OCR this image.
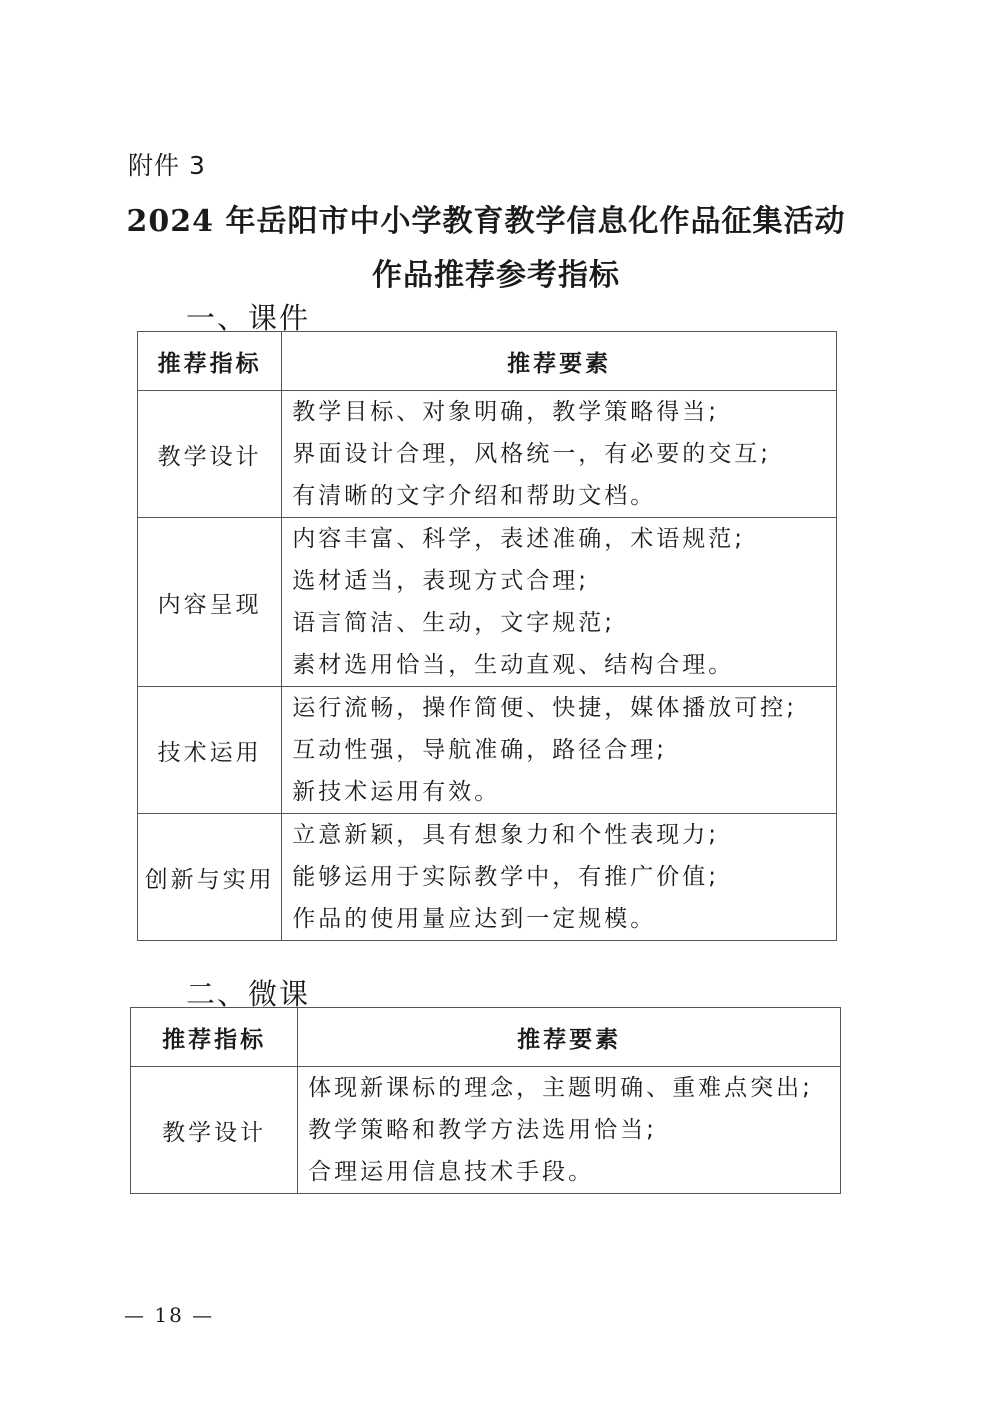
附件 3
2024 年岳阳市中小学教育教学信息化作品征集活动
作品推荐参考指标
一、课件
推荐指标	推荐要素
教学设计	教学目标、对象明确，教学策略得当;
界面设计合理，风格统一，有必要的交互;
有清晰的文字介绍和帮助文档。

内容呈现	内容丰富、科学，表述准确，术语规范;
选材适当，表现方式合理;
语言简洁、生动，文字规范;
素材选用恰当，生动直观、结构合理。

技术运用	运行流畅，操作简便、快捷，媒体播放可控;
互动性强，导航准确，路径合理;
新技术运用有效。

创新与实用	立意新颖，具有想象力和个性表现力;
能够运用于实际教学中，有推广价值;
作品的使用量应达到一定规模。
二、微课
推荐指标	推荐要素
教学设计	体现新课标的理念，主题明确、重难点突出;
教学策略和教学方法选用恰当;
合理运用信息技术手段。
— 18 —
